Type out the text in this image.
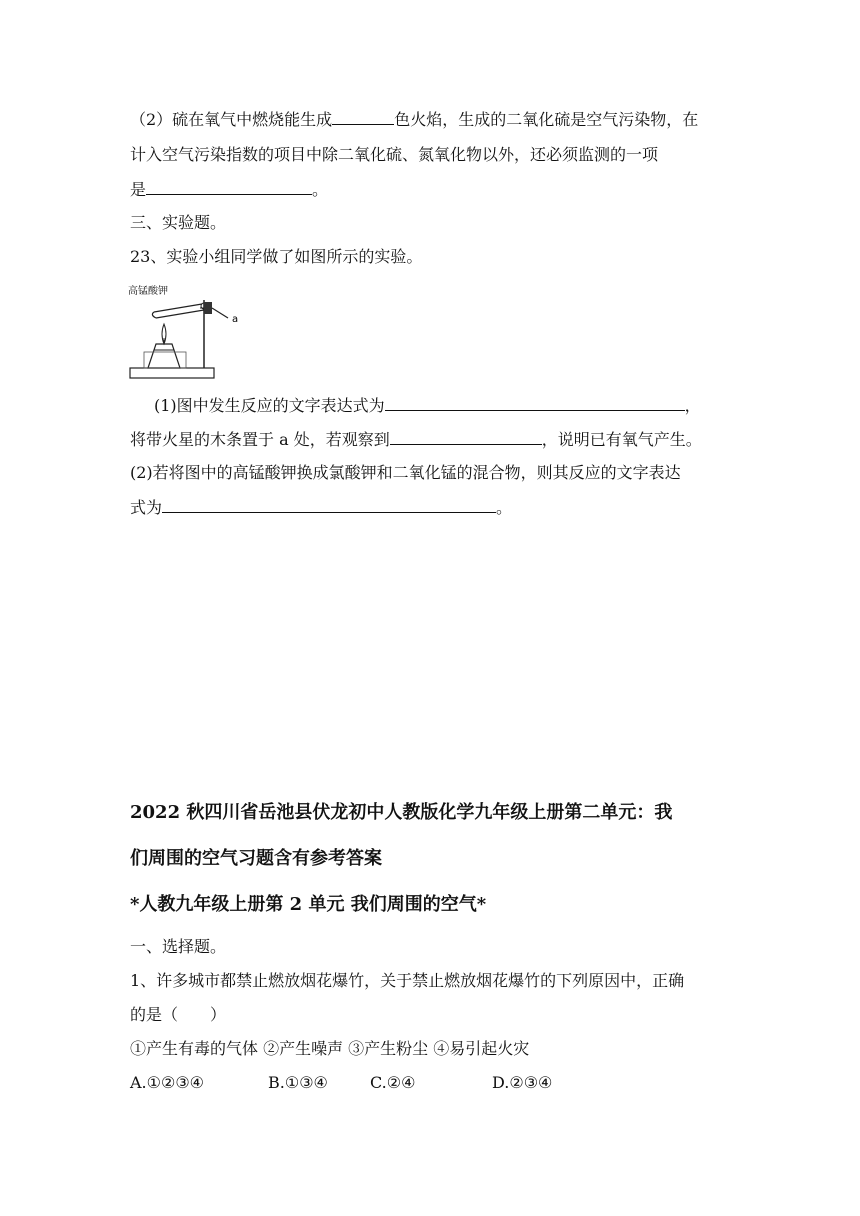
（2）硫在氧气中燃烧能生成	色火焰，生成的二氧化硫是空气污染物，在
计入空气污染指数的项目中除二氧化硫、氮氧化物以外，还必须监测的一项
是	。
三、实验题。
23、实验小组同学做了如图所示的实验。
高锰酸钾
a
(1)图中发生反应的文字表达式为	，
将带火星的木条置于 a 处，若观察到	，说明已有氧气产生。
(2)若将图中的高锰酸钾换成氯酸钾和二氧化锰的混合物，则其反应的文字表达
式为	。
2022 秋四川省岳池县伏龙初中人教版化学九年级上册第二单元：我
们周围的空气习题含有参考答案
*人教九年级上册第 2 单元 我们周围的空气*
一、选择题。
1、许多城市都禁止燃放烟花爆竹，关于禁止燃放烟花爆竹的下列原因中，正确
的是（　　）
①产生有毒的气体 ②产生噪声 ③产生粉尘 ④易引起火灾
A.①②③④	B.①③④	C.②④	D.②③④
